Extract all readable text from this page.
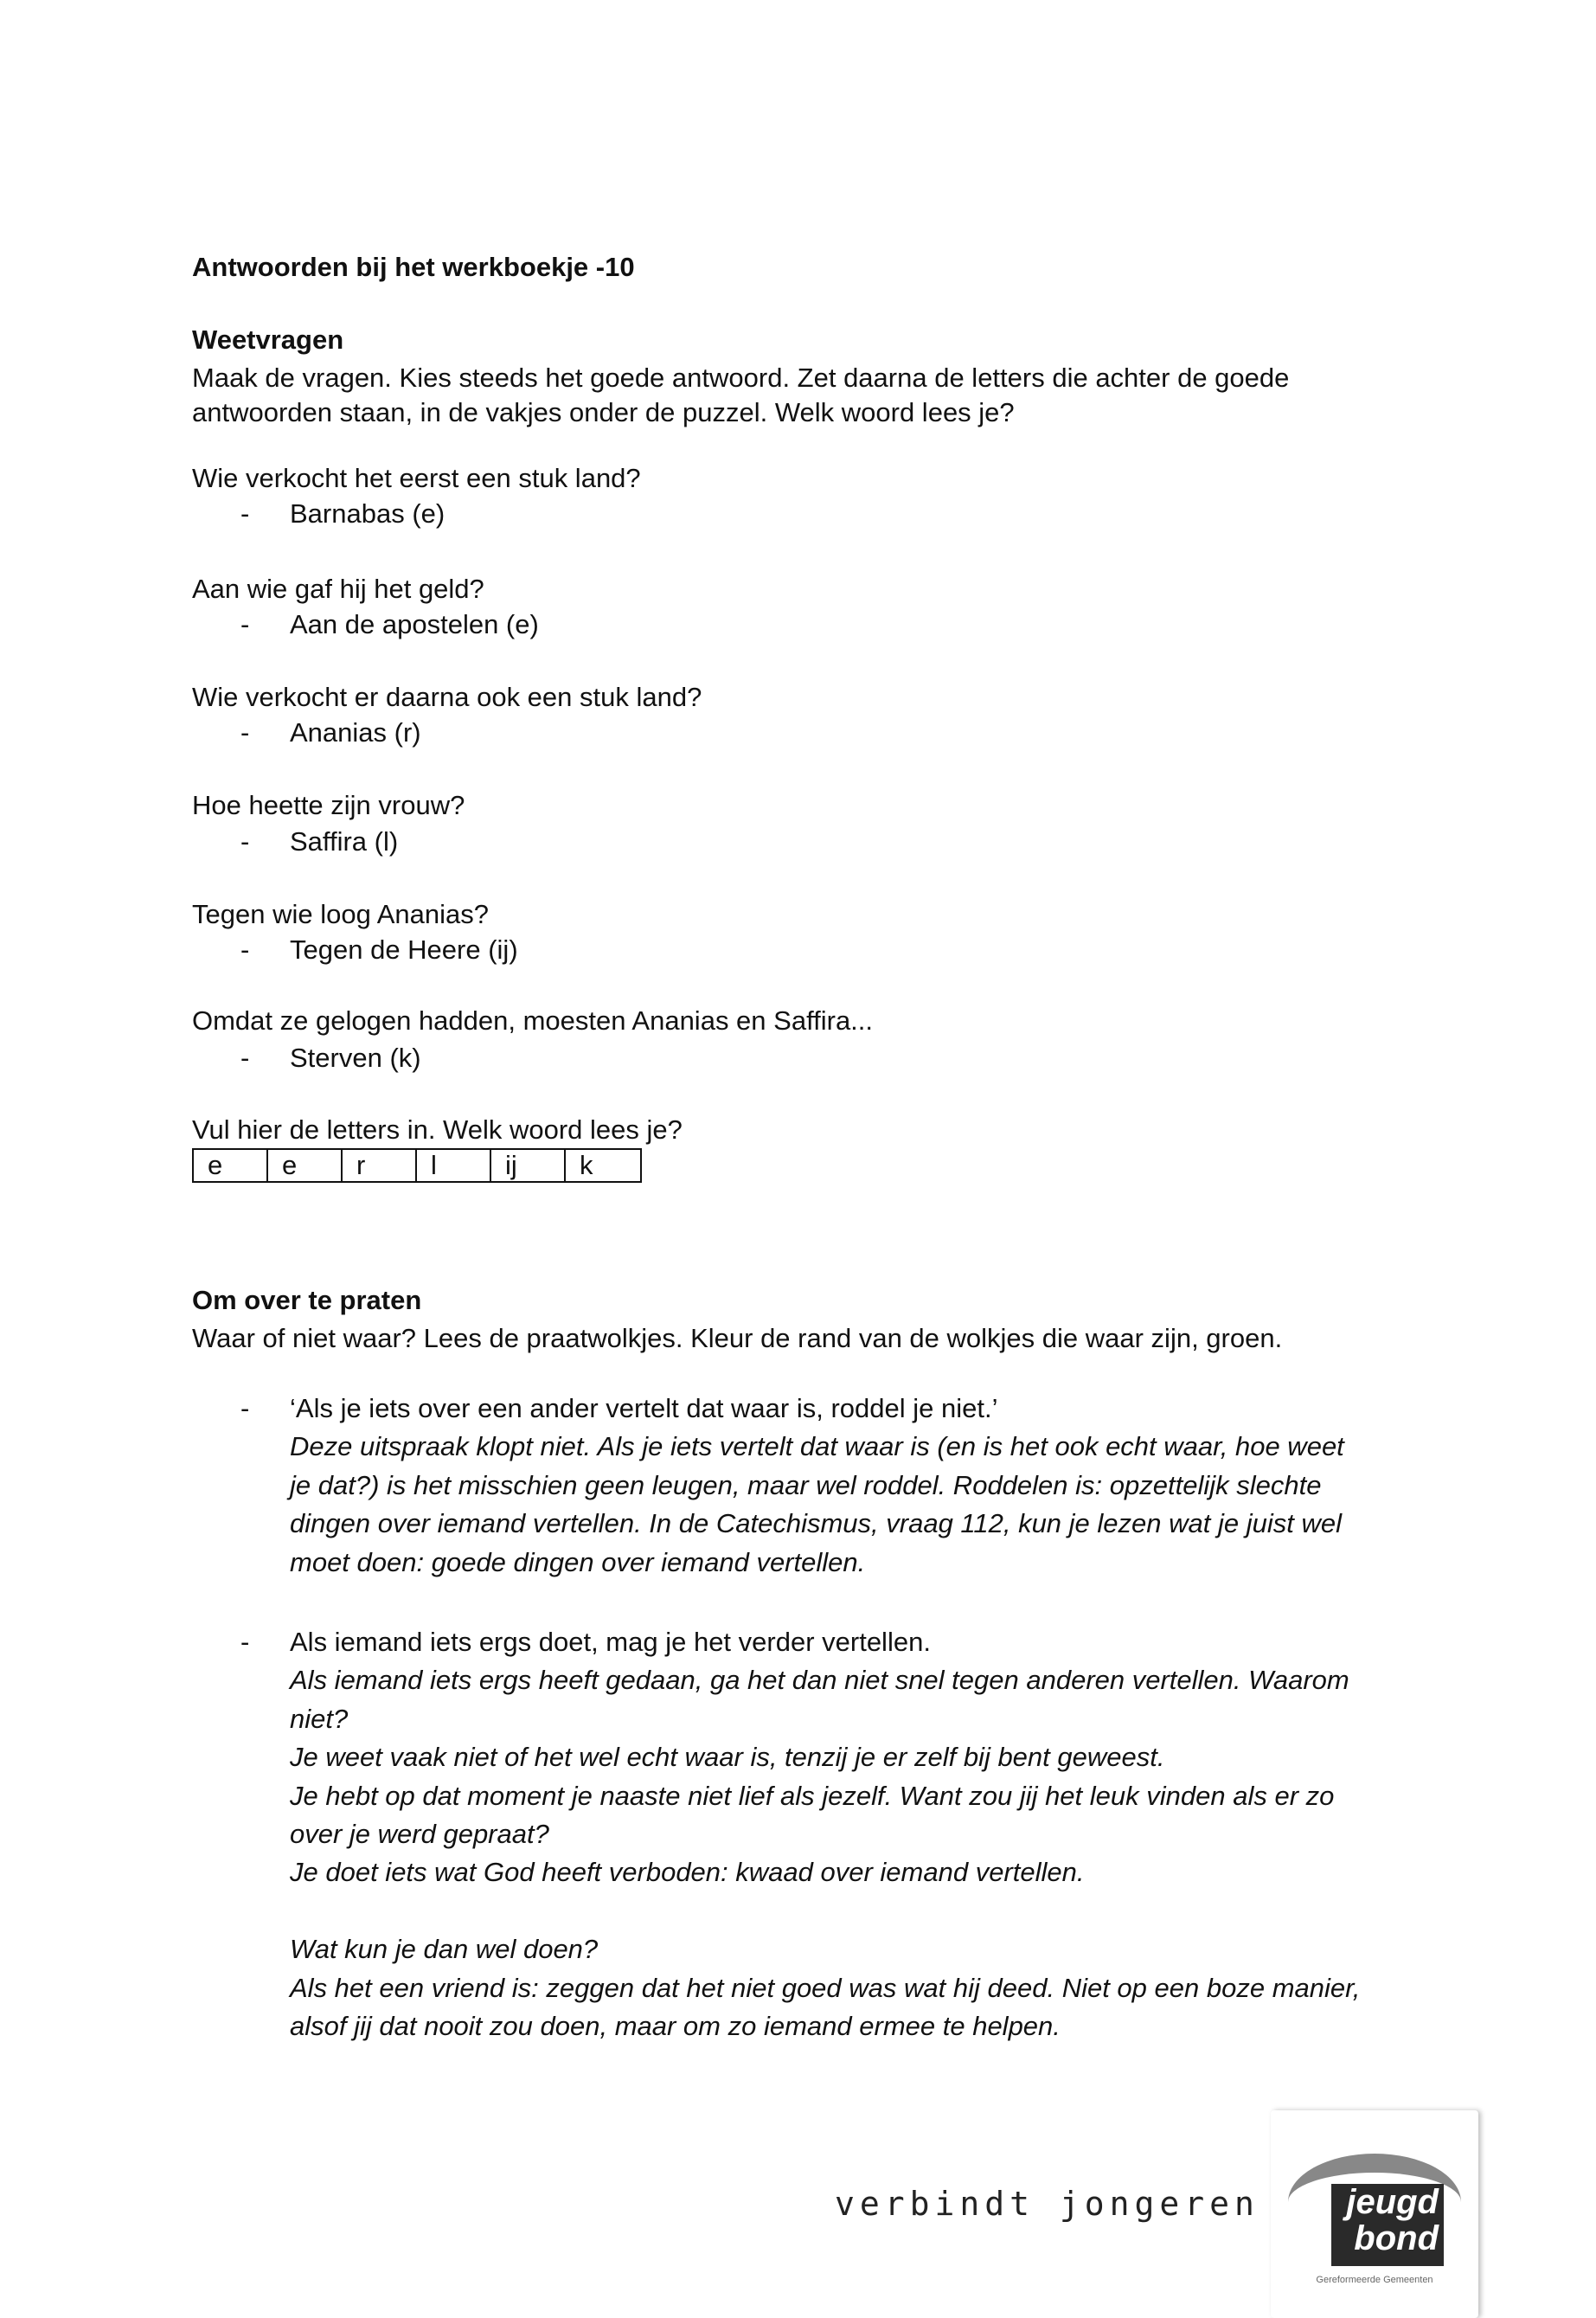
Antwoorden bij het werkboekje -10
Weetvragen
Maak de vragen. Kies steeds het goede antwoord. Zet daarna de letters die achter de goede
antwoorden staan, in de vakjes onder de puzzel. Welk woord lees je?
Wie verkocht het eerst een stuk land?
- Barnabas (e)
Aan wie gaf hij het geld?
- Aan de apostelen (e)
Wie verkocht er daarna ook een stuk land?
- Ananias (r)
Hoe heette zijn vrouw?
- Saffira (l)
Tegen wie loog Ananias?
- Tegen de Heere (ij)
Omdat ze gelogen hadden, moesten Ananias en Saffira...
- Sterven (k)
Vul hier de letters in. Welk woord lees je?
e	e	r	l	ij	k
Om over te praten
Waar of niet waar? Lees de praatwolkjes. Kleur de rand van de wolkjes die waar zijn, groen.
- ‘Als je iets over een ander vertelt dat waar is, roddel je niet.’
Deze uitspraak klopt niet. Als je iets vertelt dat waar is (en is het ook echt waar, hoe weet
je dat?) is het misschien geen leugen, maar wel roddel. Roddelen is: opzettelijk slechte
dingen over iemand vertellen. In de Catechismus, vraag 112, kun je lezen wat je juist wel
moet doen: goede dingen over iemand vertellen.
- Als iemand iets ergs doet, mag je het verder vertellen.
Als iemand iets ergs heeft gedaan, ga het dan niet snel tegen anderen vertellen. Waarom
niet?
Je weet vaak niet of het wel echt waar is, tenzij je er zelf bij bent geweest.
Je hebt op dat moment je naaste niet lief als jezelf. Want zou jij het leuk vinden als er zo
over je werd gepraat?
Je doet iets wat God heeft verboden: kwaad over iemand vertellen.
Wat kun je dan wel doen?
Als het een vriend is: zeggen dat het niet goed was wat hij deed. Niet op een boze manier,
alsof jij dat nooit zou doen, maar om zo iemand ermee te helpen.
verbindt jongeren	jeugd
bond
Gereformeerde Gemeenten
